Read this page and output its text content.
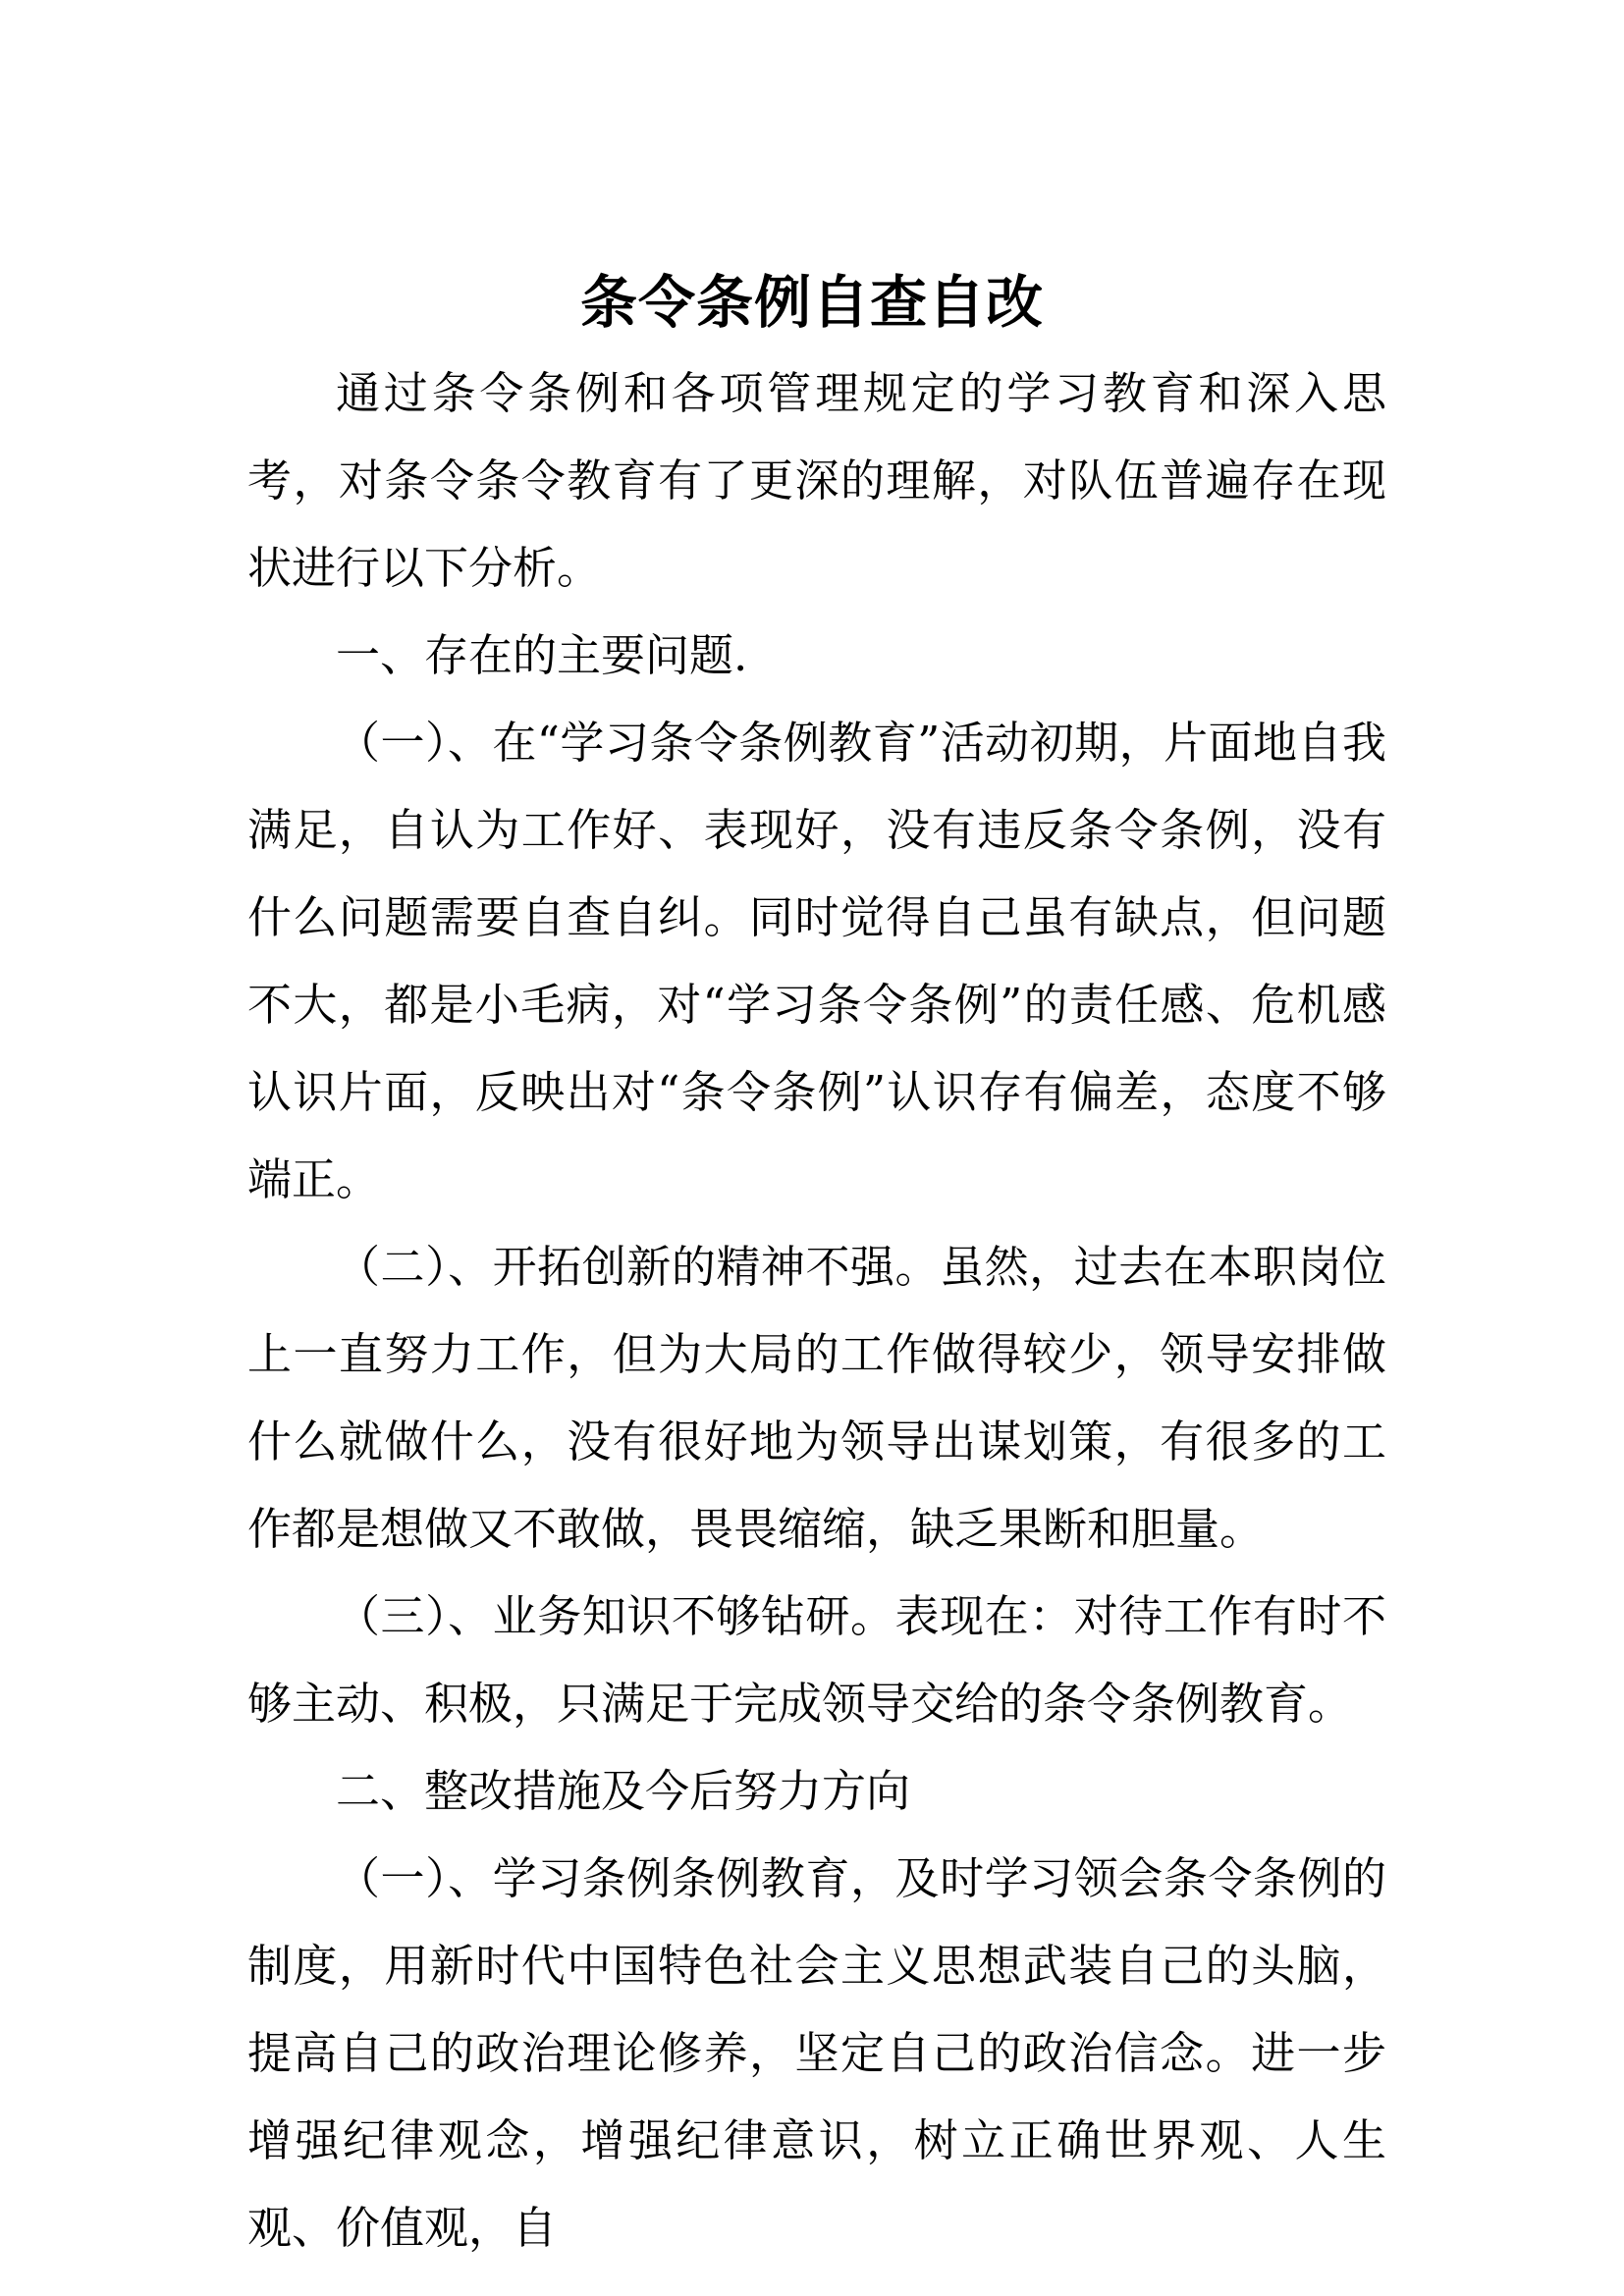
条令条例自查自改

通过条令条例和各项管理规定的学习教育和深入思考，对条令条令教育有了更深的理解，对队伍普遍存在现状进行以下分析。

一、存在的主要问题.

（一）、在“学习条令条例教育”活动初期，片面地自我满足，自认为工作好、表现好，没有违反条令条例，没有什么问题需要自查自纠。同时觉得自己虽有缺点，但问题不大，都是小毛病，对“学习条令条例”的责任感、危机感认识片面，反映出对“条令条例”认识存有偏差，态度不够端正。

（二）、开拓创新的精神不强。虽然，过去在本职岗位上一直努力工作，但为大局的工作做得较少，领导安排做什么就做什么，没有很好地为领导出谋划策，有很多的工作都是想做又不敢做，畏畏缩缩，缺乏果断和胆量。

（三）、业务知识不够钻研。表现在：对待工作有时不够主动、积极，只满足于完成领导交给的条令条例教育。

二、整改措施及今后努力方向

（一）、学习条例条例教育，及时学习领会条令条例的制度，用新时代中国特色社会主义思想武装自己的头脑，提高自己的政治理论修养，坚定自己的政治信念。进一步增强纪律观念，增强纪律意识，树立正确世界观、人生观、价值观，自
